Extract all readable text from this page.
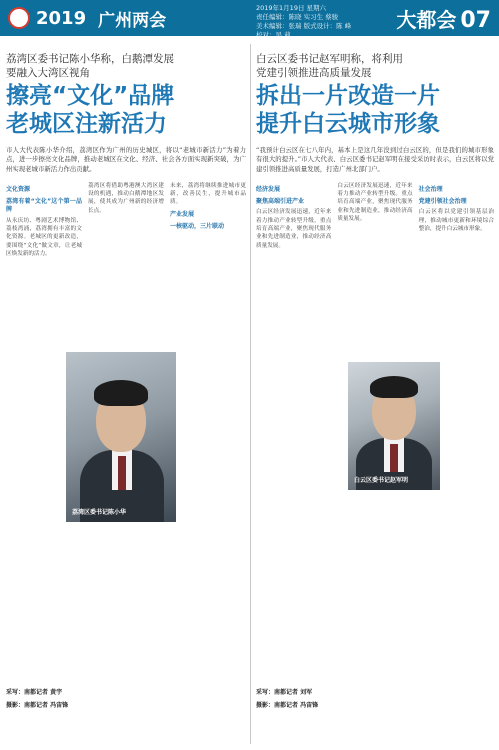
2019 广州两会
2019年1月19日 星期六
责任编辑：陈晓 实习生 蔡骏
美术编辑：张瑞 版式设计：陈 峰
校对：吴 莉
大都会 07
荔湾区委书记陈小华称，白鹅潭发展
要融入大湾区视角
擦亮“文化”品牌
老城区注新活力

市人大代表陈小华介绍，荔湾区作为广州的历史城区，将以“老城市新活力”为着力点，进一步擦亮文化品牌，推动老城区在文化、经济、社会各方面实现新突破，为广州实现老城市新活力作出贡献。

文化资源
荔湾有着“文化”这个第一品牌

从永庆坊、粤剧艺术博物馆、荔枝湾涌，荔湾拥有丰富的文化资源。老城区的更新改造，要围绕“文化”做文章，让老城区焕发新的活力。

荔湾区将借助粤港澳大湾区建设的机遇，推动白鹅潭地区发展，使其成为广州新的经济增长点。

未来，荔湾将继续推进城市更新，改善民生，提升城市品质。

产业发展
一核驱动，三片联动
荔湾区委书记陈小华
采写：南都记者 黄宇
摄影：南都记者 冯宙锋
白云区委书记赵军明称，将利用
党建引领推进高质量发展
拆出一片改造一片
提升白云城市形象

“我预计白云区在七八年内，基本上是这几年没到过白云区的，但是我们的城市形象有很大的提升。”市人大代表、白云区委书记赵军明在接受采访时表示，白云区将以党建引领推进高质量发展，打造广州北部门户。

经济发展
聚焦高端引进产业

白云区经济发展迅速，近年来着力推动产业转型升级。重点培育高端产业，聚焦现代服务业和先进制造业，推动经济高质量发展。

白云区经济发展迅速，近年来着力推动产业转型升级。重点培育高端产业，聚焦现代服务业和先进制造业，推动经济高质量发展。

社会治理
党建引领社会治理

白云区将以党建引领基层治理，推动城市更新和环境综合整治，提升白云城市形象。

白云区委书记赵军明
采写：南都记者 刘军
摄影：南都记者 冯宙锋
